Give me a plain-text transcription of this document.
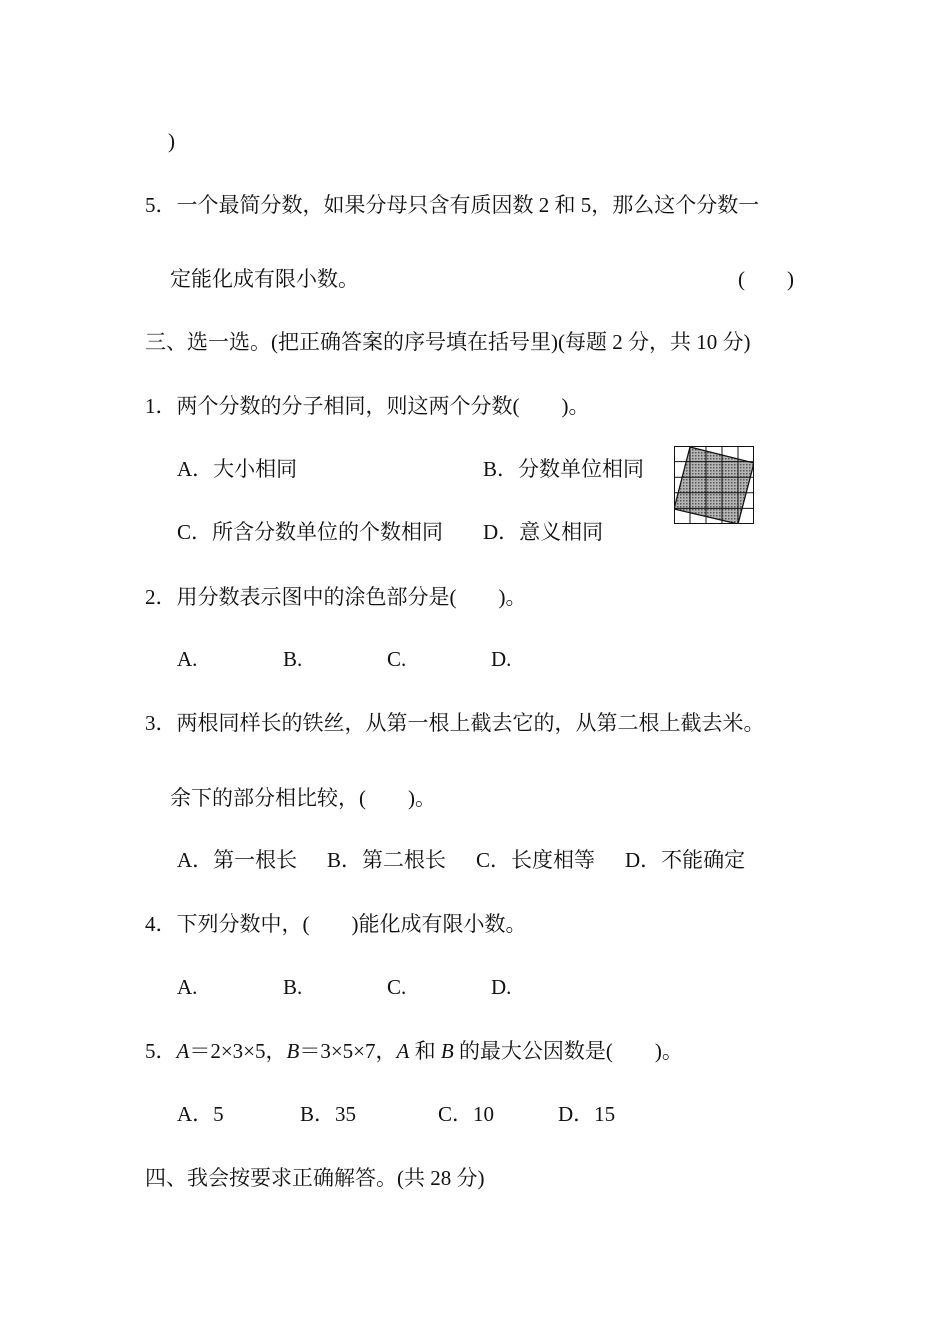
)
5．一个最简分数，如果分母只含有质因数 2 和 5，那么这个分数一
定能化成有限小数。	(　　)
三、选一选。(把正确答案的序号填在括号里)(每题 2 分，共 10 分)
1．两个分数的分子相同，则这两个分数(　　)。
A．大小相同	B．分数单位相同
C．所含分数单位的个数相同 D．意义相同
2．用分数表示图中的涂色部分是(　　)。
A.	B.	C.	D.
3．两根同样长的铁丝，从第一根上截去它的，从第二根上截去米。
余下的部分相比较，(　　)。
A．第一根长 B．第二根长 C．长度相等 D．不能确定
4．下列分数中，(　　)能化成有限小数。
A.	B.	C.	D.
5．A＝2×3×5，B＝3×5×7，A 和 B 的最大公因数是(　　)。
A．5	B．35	C．10	D．15
四、我会按要求正确解答。(共 28 分)
